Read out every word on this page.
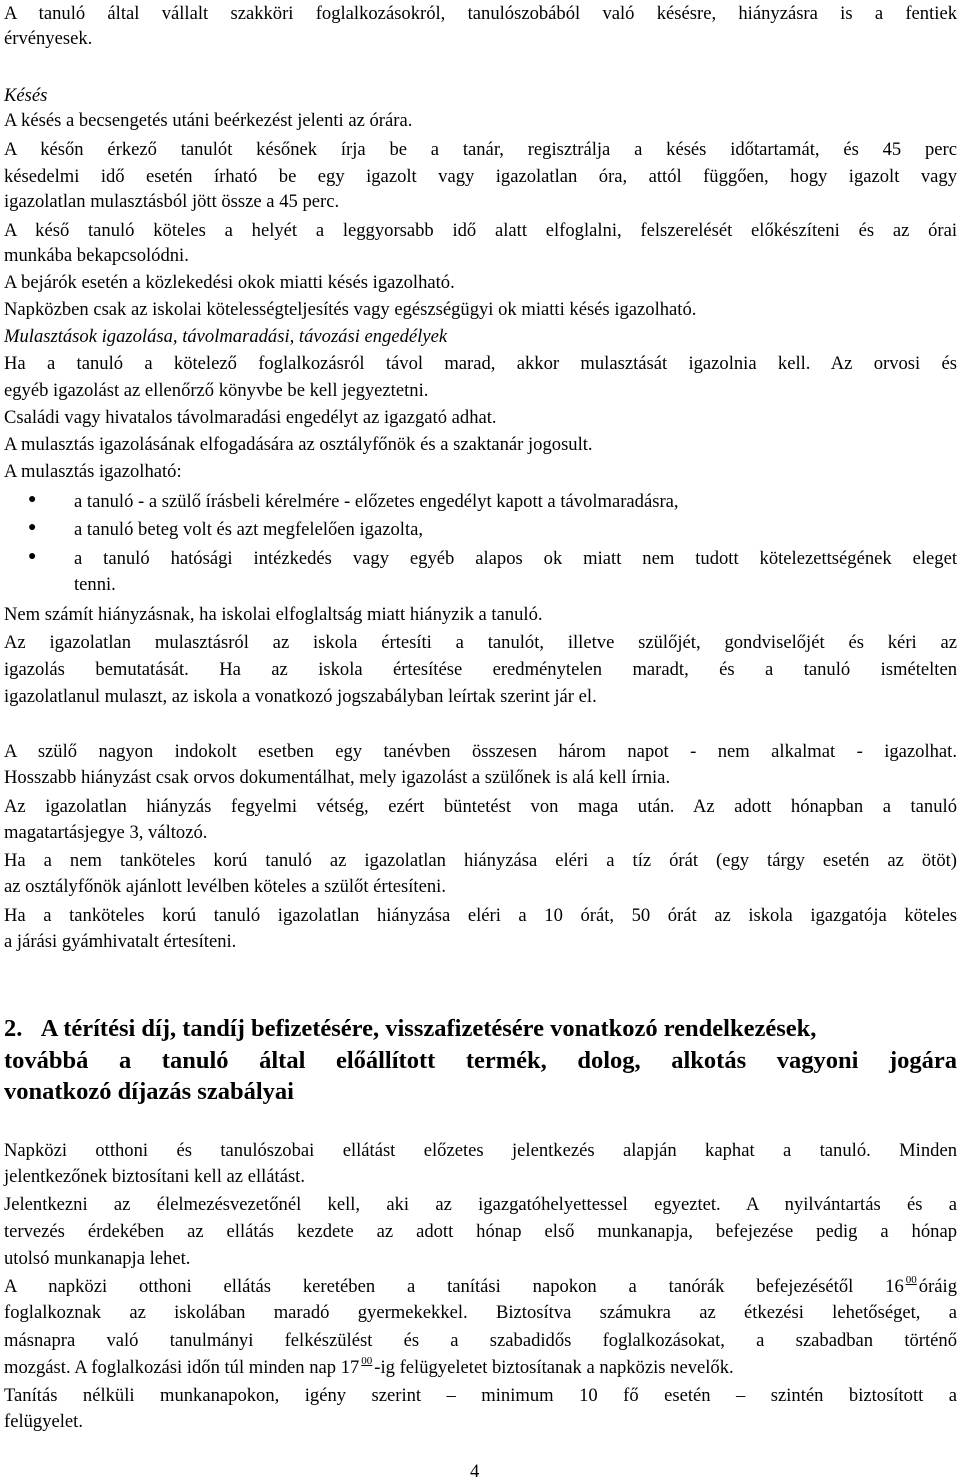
A tanuló által vállalt szakköri foglalkozásokról, tanulószobából való késésre, hiányzásra is a fentiek
érvényesek.
Késés
A késés a becsengetés utáni beérkezést jelenti az órára.
A későn érkező tanulót későnek írja be a tanár, regisztrálja a késés időtartamát, és 45 perc
késedelmi idő esetén írható be egy igazolt vagy igazolatlan óra, attól függően, hogy igazolt vagy
igazolatlan mulasztásból jött össze a 45 perc.
A késő tanuló köteles a helyét a leggyorsabb idő alatt elfoglalni, felszerelését előkészíteni és az órai
munkába bekapcsolódni.
A bejárók esetén a közlekedési okok miatti késés igazolható.
Napközben csak az iskolai kötelességteljesítés vagy egészségügyi ok miatti késés igazolható.
Mulasztások igazolása, távolmaradási, távozási engedélyek
Ha a tanuló a kötelező foglalkozásról távol marad, akkor mulasztását igazolnia kell. Az orvosi és
egyéb igazolást az ellenőrző könyvbe be kell jegyeztetni.
Családi vagy hivatalos távolmaradási engedélyt az igazgató adhat.
A mulasztás igazolásának elfogadására az osztályfőnök és a szaktanár jogosult.
A mulasztás igazolható:
● a tanuló - a szülő írásbeli kérelmére - előzetes engedélyt kapott a távolmaradásra,
● a tanuló beteg volt és azt megfelelően igazolta,
● a tanuló hatósági intézkedés vagy egyéb alapos ok miatt nem tudott kötelezettségének eleget
tenni.
Nem számít hiányzásnak, ha iskolai elfoglaltság miatt hiányzik a tanuló.
Az igazolatlan mulasztásról az iskola értesíti a tanulót, illetve szülőjét, gondviselőjét és kéri az
igazolás bemutatását. Ha az iskola értesítése eredménytelen maradt, és a tanuló ismételten
igazolatlanul mulaszt, az iskola a vonatkozó jogszabályban leírtak szerint jár el.
A szülő nagyon indokolt esetben egy tanévben összesen három napot - nem alkalmat - igazolhat.
Hosszabb hiányzást csak orvos dokumentálhat, mely igazolást a szülőnek is alá kell írnia.
Az igazolatlan hiányzás fegyelmi vétség, ezért büntetést von maga után. Az adott hónapban a tanuló
magatartásjegye 3, változó.
Ha a nem tanköteles korú tanuló az igazolatlan hiányzása eléri a tíz órát (egy tárgy esetén az ötöt)
az osztályfőnök ajánlott levélben köteles a szülőt értesíteni.
Ha a tanköteles korú tanuló igazolatlan hiányzása eléri a 10 órát, 50 órát az iskola igazgatója köteles
a járási gyámhivatalt értesíteni.
2. A térítési díj, tandíj befizetésére, visszafizetésére vonatkozó rendelkezések,
továbbá a tanuló által előállított termék, dolog, alkotás vagyoni jogára
vonatkozó díjazás szabályai
Napközi otthoni és tanulószobai ellátást előzetes jelentkezés alapján kaphat a tanuló. Minden
jelentkezőnek biztosítani kell az ellátást.
Jelentkezni az élelmezésvezetőnél kell, aki az igazgatóhelyettessel egyeztet. A nyilvántartás és a
tervezés érdekében az ellátás kezdete az adott hónap első munkanapja, befejezése pedig a hónap
utolsó munkanapja lehet.
A napközi otthoni ellátás keretében a tanítási napokon a tanórák befejezésétől 16 $^{00}$ óráig
foglalkoznak az iskolában maradó gyermekekkel. Biztosítva számukra az étkezési lehetőséget, a
másnapra való tanulmányi felkészülést és a szabadidős foglalkozásokat, a szabadban történő
mozgást. A foglalkozási időn túl minden nap 17 $^{00}$ -ig felügyeletet biztosítanak a napközis nevelők.
Tanítás nélküli munkanapokon, igény szerint – minimum 10 fő esetén – szintén biztosított a
felügyelet.
4
